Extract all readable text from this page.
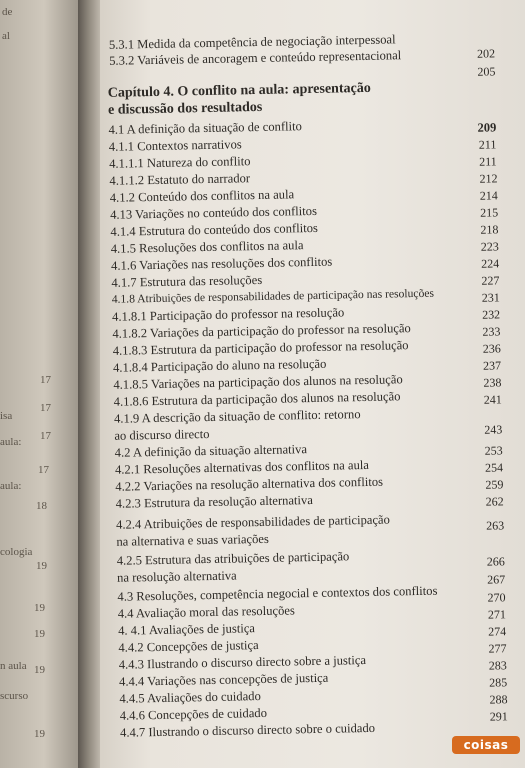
de
al
isa
aula:
aula:
cologia
n aula
scurso
17
17
17
17
18
19
19
19
19
19
5.3.1 Medida da competência de negociação interpessoal
202
5.3.2 Variáveis de ancoragem e conteúdo representacional
205
Capítulo 4. O conflito na aula: apresentação
e discussão dos resultados
4.1 A definição da situação de conflito	209
4.1.1 Contextos narrativos	211
4.1.1.1 Natureza do conflito	211
4.1.1.2 Estatuto do narrador	212
4.1.2 Conteúdo dos conflitos na aula	214
4.13 Variações no conteúdo dos conflitos	215
4.1.4 Estrutura do conteúdo dos conflitos	218
4.1.5 Resoluções dos conflitos na aula	223
4.1.6 Variações nas resoluções dos conflitos	224
4.1.7 Estrutura das resoluções	227
4.1.8 Atribuições de responsabilidades de participação nas resoluções	231
4.1.8.1 Participação do professor na resolução	232
4.1.8.2 Variações da participação do professor na resolução	233
4.1.8.3 Estrutura da participação do professor na resolução	236
4.1.8.4 Participação do aluno na resolução	237
4.1.8.5 Variações na participação dos alunos na resolução	238
4.1.8.6 Estrutura da participação dos alunos na resolução	241
4.1.9 A descrição da situação de conflito: retorno
ao discurso directo	243
4.2 A definição da situação alternativa	253
4.2.1 Resoluções alternativas dos conflitos na aula	254
4.2.2 Variações na resolução alternativa dos conflitos	259
4.2.3 Estrutura da resolução alternativa	262
4.2.4 Atribuições de responsabilidades de participação	263
na alternativa e suas variações
4.2.5 Estrutura das atribuições de participação	266
na resolução alternativa	267
4.3 Resoluções, competência negocial e contextos dos conflitos	270
4.4 Avaliação moral das resoluções	271
4. 4.1 Avaliações de justiça	274
4.4.2 Concepções de justiça	277
4.4.3 Ilustrando o discurso directo sobre a justiça	283
4.4.4 Variações nas concepções de justiça	285
4.4.5 Avaliações do cuidado	288
4.4.6 Concepções de cuidado	291
4.4.7 Ilustrando o discurso directo sobre o cuidado
coisas
